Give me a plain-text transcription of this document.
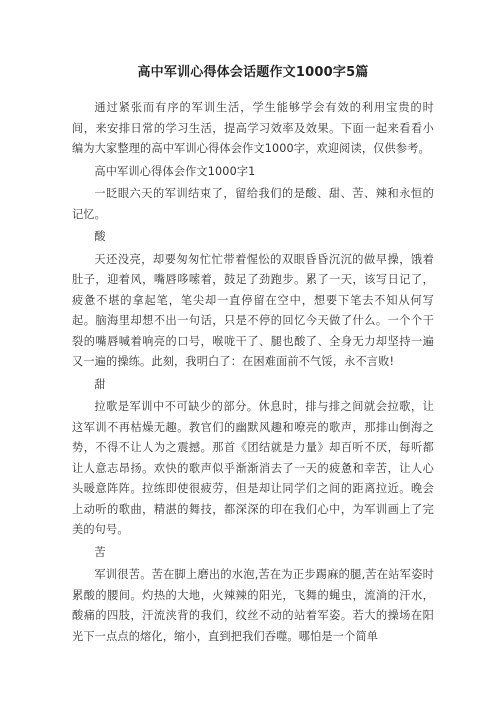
高中军训心得体会话题作文1000字5篇

通过紧张而有序的军训生活，学生能够学会有效的利用宝贵的时间，来安排日常的学习生活，提高学习效率及效果。下面一起来看看小编为大家整理的高中军训心得体会作文1000字，欢迎阅读，仅供参考。

高中军训心得体会作文1000字1

一眨眼六天的军训结束了，留给我们的是酸、甜、苦、辣和永恒的记忆。

酸

天还没亮，却要匆匆忙忙带着惺忪的双眼昏昏沉沉的做早操，饿着肚子，迎着风，嘴唇哆嗦着，鼓足了劲跑步。累了一天，该写日记了，疲惫不堪的拿起笔，笔尖却一直停留在空中，想要下笔去不知从何写起。脑海里却想不出一句话，只是不停的回忆今天做了什么。一个个干裂的嘴唇喊着响亮的口号，喉咙干了、腿也酸了、全身无力却坚持一遍又一遍的操练。此刻，我明白了：在困难面前不气馁，永不言败!

甜

拉歌是军训中不可缺少的部分。休息时，排与排之间就会拉歌，让这军训不再枯燥无趣。教官们的幽默风趣和嘹亮的歌声，那排山倒海之势，不得不让人为之震撼。那首《团结就是力量》却百听不厌，每听都让人意志昂扬。欢快的歌声似乎渐渐消去了一天的疲惫和幸苦，让人心头暖意阵阵。拉练即使很疲劳，但是却让同学们之间的距离拉近。晚会上动听的歌曲，精湛的舞技，都深深的印在我们心中，为军训画上了完美的句号。

苦

军训很苦。苦在脚上磨出的水泡,苦在为正步踢麻的腿,苦在站军姿时累酸的腰间。灼热的大地，火辣辣的阳光，飞舞的蝇虫，流淌的汗水，酸痛的四肢，汗流浃背的我们，纹丝不动的站着军姿。若大的操场在阳光下一点点的熔化，缩小，直到把我们吞噬。哪怕是一个简单
